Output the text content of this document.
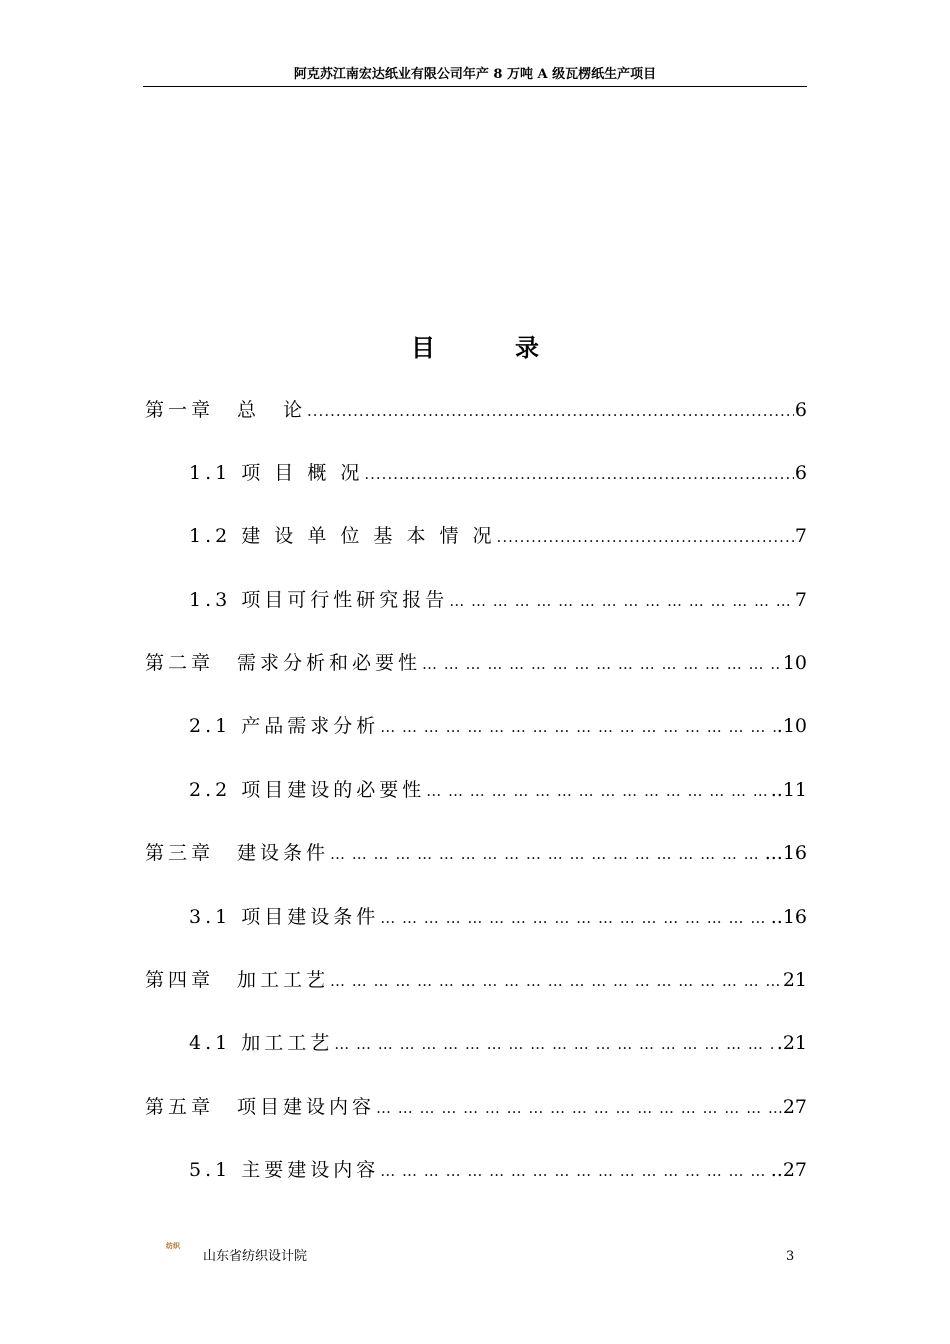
阿克苏江南宏达纸业有限公司年产 8 万吨 A 级瓦楞纸生产项目
目录
第一章　总　论 .....	6
1.1 项 目 概 况 .....	6
1.2 建 设 单 位 基 本 情 况 .....	7
1.3 项目可行性研究报告 … … … … … … … … … … … … … … … … … … … … … … … … … … … … … … … … … … … … … … … … … … … … … … … … … … … … … … … …	7
第二章　需求分析和必要性 … … … … … … … … … … … … … … … … … … … … … … … … … … … … … … … … … … … … … … … … … … … … … … … … … … … … … … … …	10
2.1 产品需求分析 … … … … … … … … … … … … … … … … … … … … … … … … … … … … … … … … … … … … … … … … … … … … … … … … … … … … … … … …	.10
2.2 项目建设的必要性 … … … … … … … … … … … … … … … … … … … … … … … … … … … … … … … … … … … … … … … … … … … … … … … … … … … … … … … …	..11
第三章　建设条件 … … … … … … … … … … … … … … … … … … … … … … … … … … … … … … … … … … … … … … … … … … … … … … … … … … … … … … … …	...16
3.1 项目建设条件 … … … … … … … … … … … … … … … … … … … … … … … … … … … … … … … … … … … … … … … … … … … … … … … … … … … … … … … …	..16
第四章　加工工艺 … … … … … … … … … … … … … … … … … … … … … … … … … … … … … … … … … … … … … … … … … … … … … … … … … … … … … … … …	21
4.1 加工工艺 … … … … … … … … … … … … … … … … … … … … … … … … … … … … … … … … … … … … … … … … … … … … … … … … … … … … … … … …	.21
第五章　项目建设内容 … … … … … … … … … … … … … … … … … … … … … … … … … … … … … … … … … … … … … … … … … … … … … … … … … … … … … … … …	27
5.1 主要建设内容 … … … … … … … … … … … … … … … … … … … … … … … … … … … … … … … … … … … … … … … … … … … … … … … … … … … … … … … …	..27
纺织
山东省纺织设计院	3
